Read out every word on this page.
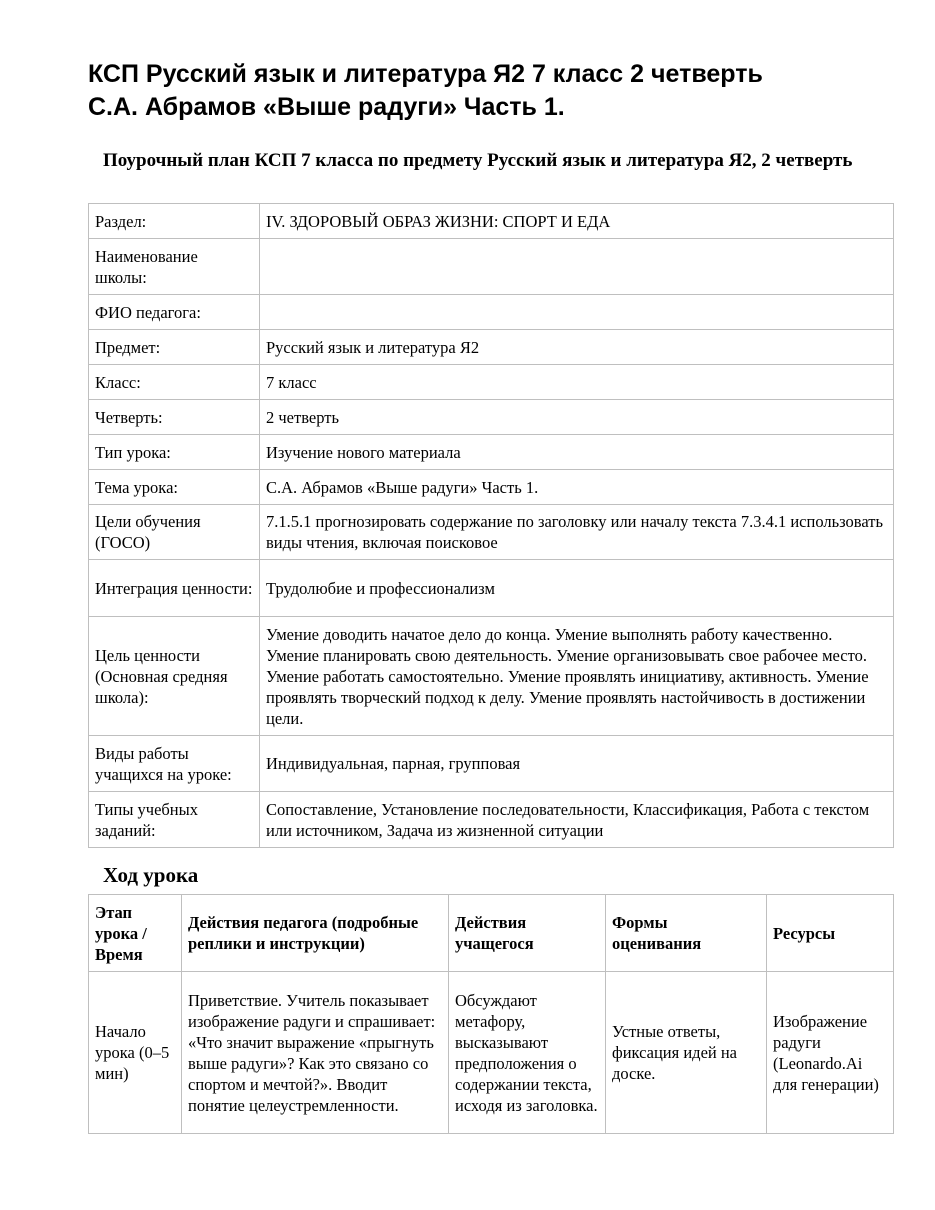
КСП Русский язык и литература Я2 7 класс 2 четверть
С.А. Абрамов «Выше радуги» Часть 1.
Поурочный план КСП 7 класса по предмету Русский язык и литература Я2, 2 четверть
Раздел:	IV. ЗДОРОВЫЙ ОБРАЗ ЖИЗНИ: СПОРТ И ЕДА
Наименование школы:	
ФИО педагога:	
Предмет:	Русский язык и литература Я2
Класс:	7 класс
Четверть:	2 четверть
Тип урока:	Изучение нового материала
Тема урока:	С.А. Абрамов «Выше радуги» Часть 1.
Цели обучения (ГОСО)	7.1.5.1 прогнозировать содержание по заголовку или началу текста 7.3.4.1 использовать виды чтения, включая поисковое
Интеграция ценности:	Трудолюбие и профессионализм
Цель ценности (Основная средняя школа):	Умение доводить начатое дело до конца. Умение выполнять работу качественно. Умение планировать свою деятельность. Умение организовывать свое рабочее место. Умение работать самостоятельно. Умение проявлять инициативу, активность. Умение проявлять творческий подход к делу. Умение проявлять настойчивость в достижении цели.
Виды работы учащихся на уроке:	Индивидуальная, парная, групповая
Типы учебных заданий:	Сопоставление, Установление последовательности, Классификация, Работа с текстом или источником, Задача из жизненной ситуации
Ход урока
Этап урока / Время	Действия педагога (подробные реплики и инструкции)	Действия учащегося	Формы оценивания	Ресурсы
Начало урока (0–5 мин)	Приветствие. Учитель показывает изображение радуги и спрашивает: «Что значит выражение «прыгнуть выше радуги»? Как это связано со спортом и мечтой?». Вводит понятие целеустремленности.	Обсуждают метафору, высказывают предположения о содержании текста, исходя из заголовка.	Устные ответы, фиксация идей на доске.	Изображение радуги (Leonardo.Ai для генерации)
